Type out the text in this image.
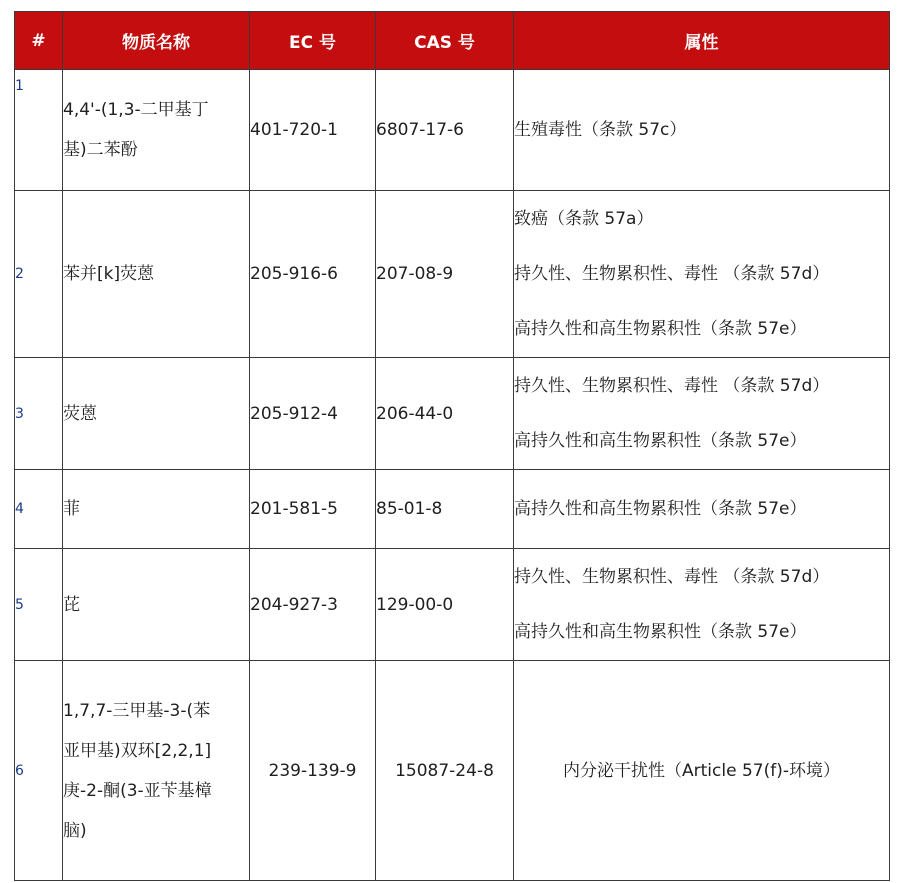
#	物质名称	EC 号	CAS 号	属性
1	4,4'-(1,3-二甲基丁
基)二苯酚	401-720-1	6807-17-6	生殖毒性（条款 57c）

2	苯并[k]荧蒽	205-916-6	207-08-9	致癌（条款 57a）
持久性、生物累积性、毒性 （条款 57d）
高持久性和高生物累积性（条款 57e）

3	荧蒽	205-912-4	206-44-0	持久性、生物累积性、毒性 （条款 57d）
高持久性和高生物累积性（条款 57e）

4	菲	201-581-5	85-01-8	高持久性和高生物累积性（条款 57e）

5	芘	204-927-3	129-00-0	持久性、生物累积性、毒性 （条款 57d）
高持久性和高生物累积性（条款 57e）

6	1,7,7-三甲基-3-(苯
亚甲基)双环[2,2,1]
庚-2-酮(3-亚苄基樟
脑)	239-139-9	15087-24-8	内分泌干扰性（Article 57(f)-环境）
